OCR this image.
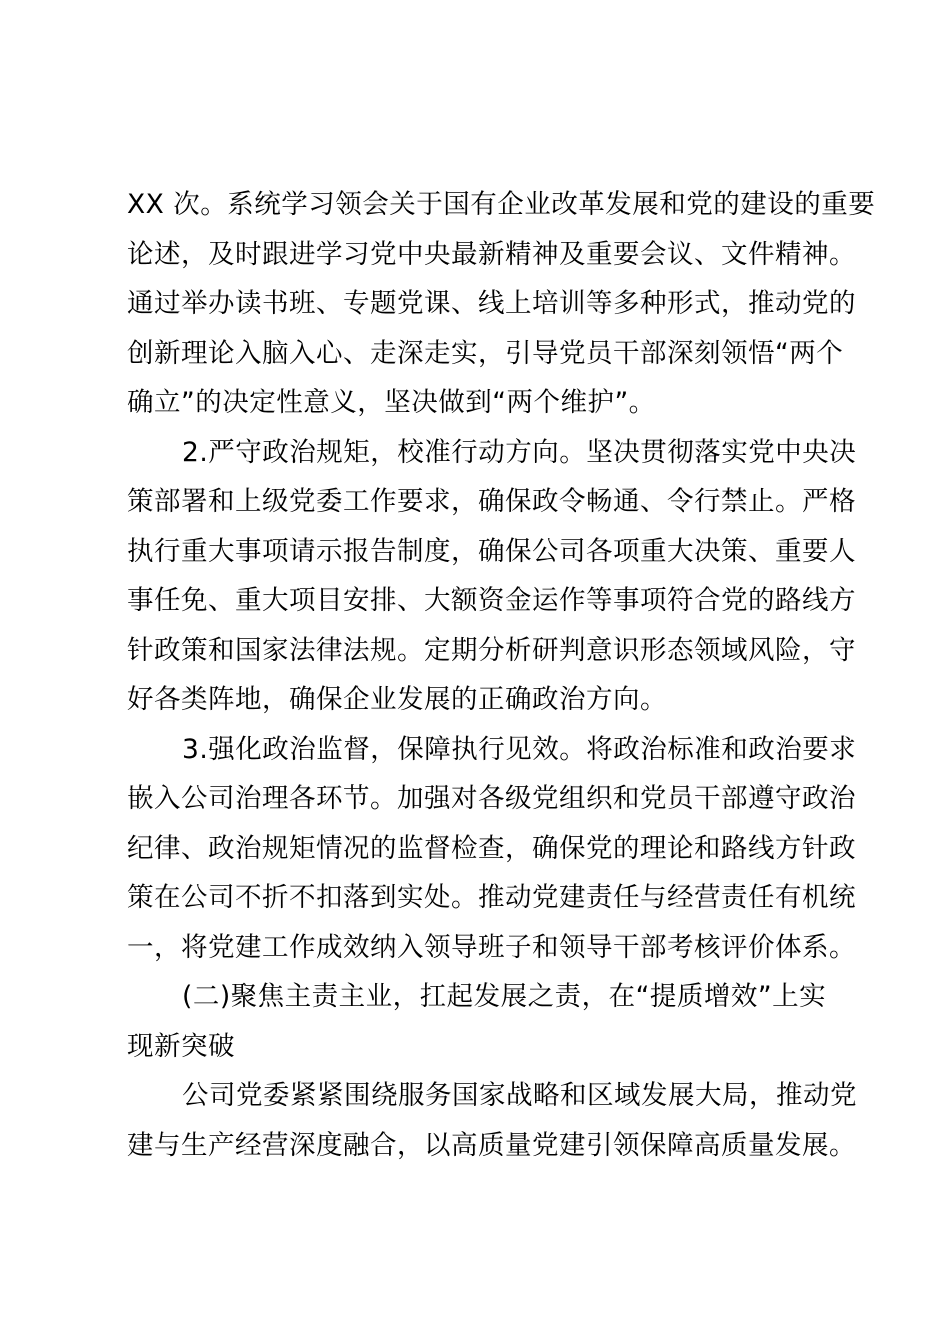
XX 次。系统学习领会关于国有企业改革发展和党的建设的重要
论述，及时跟进学习党中央最新精神及重要会议、文件精神。
通过举办读书班、专题党课、线上培训等多种形式，推动党的
创新理论入脑入心、走深走实，引导党员干部深刻领悟“两个
确立”的决定性意义，坚决做到“两个维护”。
2.严守政治规矩，校准行动方向。坚决贯彻落实党中央决
策部署和上级党委工作要求，确保政令畅通、令行禁止。严格
执行重大事项请示报告制度，确保公司各项重大决策、重要人
事任免、重大项目安排、大额资金运作等事项符合党的路线方
针政策和国家法律法规。定期分析研判意识形态领域风险，守
好各类阵地，确保企业发展的正确政治方向。
3.强化政治监督，保障执行见效。将政治标准和政治要求
嵌入公司治理各环节。加强对各级党组织和党员干部遵守政治
纪律、政治规矩情况的监督检查，确保党的理论和路线方针政
策在公司不折不扣落到实处。推动党建责任与经营责任有机统
一，将党建工作成效纳入领导班子和领导干部考核评价体系。
(二)聚焦主责主业，扛起发展之责，在“提质增效”上实
现新突破
公司党委紧紧围绕服务国家战略和区域发展大局，推动党
建与生产经营深度融合，以高质量党建引领保障高质量发展。
